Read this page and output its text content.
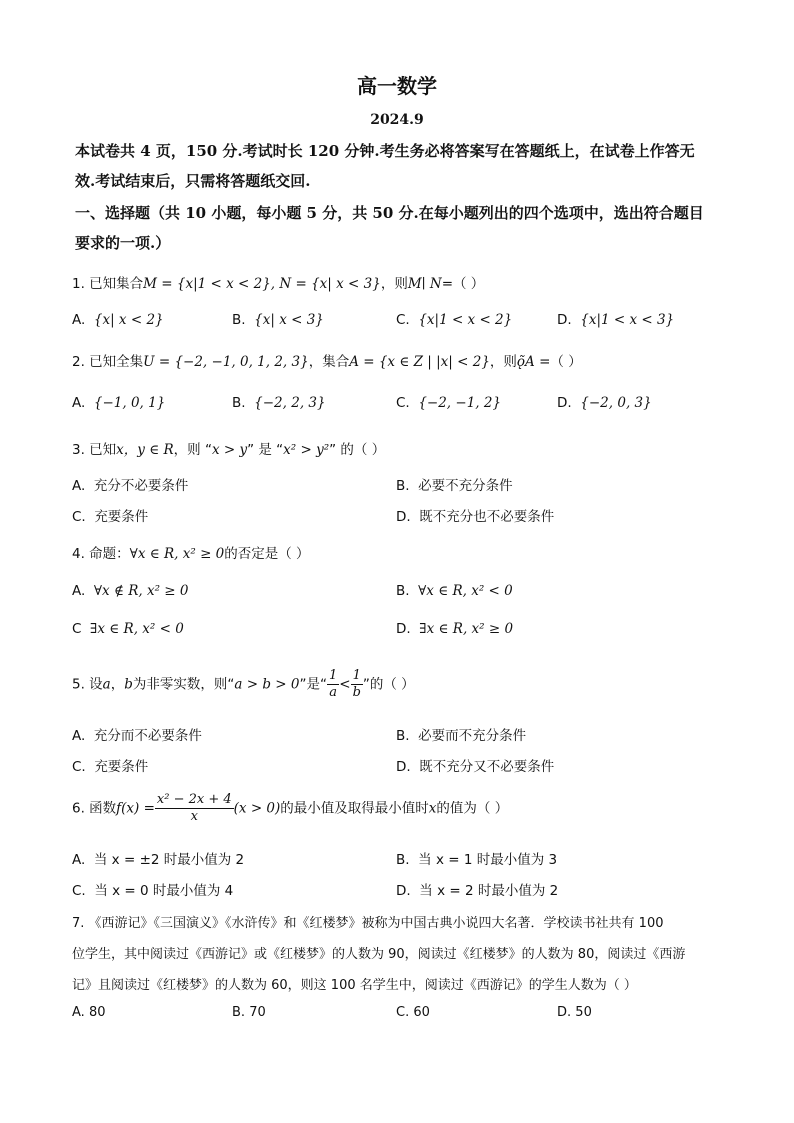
高一数学
2024.9
本试卷共 4 页，150 分.考试时长 120 分钟.考生务必将答案写在答题纸上，在试卷上作答无
效.考试结束后，只需将答题纸交回.
一、选择题（共 10 小题，每小题 5 分，共 50 分.在每小题列出的四个选项中，选出符合题目
要求的一项.）
1. 已知集合M = {x|1 < x < 2}, N = {x| x < 3}，则M∣ N=（ ）
A. {x| x < 2}	B. {x| x < 3}	C. {x|1 < x < 2}	D. {x|1 < x < 3}
2. 已知全集U = {−2, −1, 0, 1, 2, 3}，集合A = {x ∈ Z | |x| < 2}，则ǫ̃A =（ ）
A. {−1, 0, 1}	B. {−2, 2, 3}	C. {−2, −1, 2}	D. {−2, 0, 3}
3. 已知x，y ∈ R，则 “x > y” 是 “x² > y²” 的（ ）
A. 充分不必要条件	B. 必要不充分条件
C. 充要条件	D. 既不充分也不必要条件
4. 命题：∀x ∈ R, x² ≥ 0的否定是（ ）
A. ∀x ∉ R, x² ≥ 0	B. ∀x ∈ R, x² < 0
C ∃x ∈ R, x² < 0	D. ∃x ∈ R, x² ≥ 0
5. 设a，b为非零实数，则“a > b > 0”是“ $\frac{1}{a} < \frac{1}{b}$ ”的（ ）
A. 充分而不必要条件	B. 必要而不充分条件
C. 充要条件	D. 既不充分又不必要条件
6. 函数$f(x) = \frac{\text{x² − 2x + 4}}{x} (x > 0)$的最小值及取得最小值时x的值为（ ）
A. 当 x = ±2 时最小值为 2	B. 当 x = 1 时最小值为 3
C. 当 x = 0 时最小值为 4	D. 当 x = 2 时最小值为 2
7. 《西游记》《三国演义》《水浒传》和《红楼梦》被称为中国古典小说四大名著．学校读书社共有 100
位学生，其中阅读过《西游记》或《红楼梦》的人数为 90，阅读过《红楼梦》的人数为 80，阅读过《西游
记》且阅读过《红楼梦》的人数为 60，则这 100 名学生中，阅读过《西游记》的学生人数为（ ）
A. 80	B. 70	C. 60	D. 50
